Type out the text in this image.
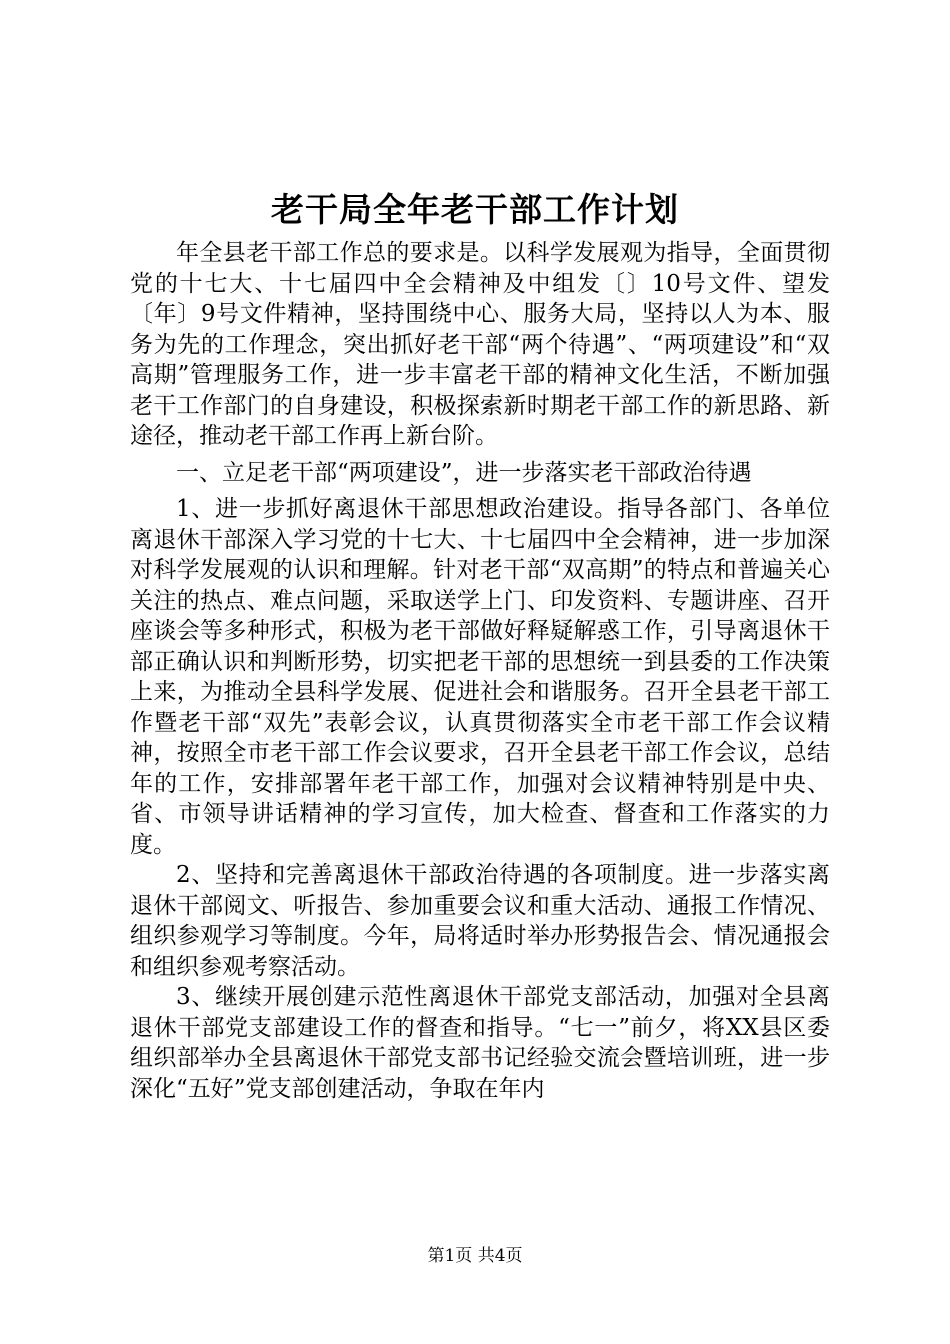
老干局全年老干部工作计划

年全县老干部工作总的要求是。以科学发展观为指导，全面贯彻党的十七大、十七届四中全会精神及中组发〔〕10号文件、望发〔年〕9号文件精神，坚持围绕中心、服务大局，坚持以人为本、服务为先的工作理念，突出抓好老干部“两个待遇”、“两项建设”和“双高期”管理服务工作，进一步丰富老干部的精神文化生活，不断加强老干工作部门的自身建设，积极探索新时期老干部工作的新思路、新途径，推动老干部工作再上新台阶。

一、立足老干部“两项建设”，进一步落实老干部政治待遇

1、进一步抓好离退休干部思想政治建设。指导各部门、各单位离退休干部深入学习党的十七大、十七届四中全会精神，进一步加深对科学发展观的认识和理解。针对老干部“双高期”的特点和普遍关心关注的热点、难点问题，采取送学上门、印发资料、专题讲座、召开座谈会等多种形式，积极为老干部做好释疑解惑工作，引导离退休干部正确认识和判断形势，切实把老干部的思想统一到县委的工作决策上来，为推动全县科学发展、促进社会和谐服务。召开全县老干部工作暨老干部“双先”表彰会议，认真贯彻落实全市老干部工作会议精神，按照全市老干部工作会议要求，召开全县老干部工作会议，总结年的工作，安排部署年老干部工作，加强对会议精神特别是中央、省、市领导讲话精神的学习宣传，加大检查、督查和工作落实的力度。

2、坚持和完善离退休干部政治待遇的各项制度。进一步落实离退休干部阅文、听报告、参加重要会议和重大活动、通报工作情况、组织参观学习等制度。今年，局将适时举办形势报告会、情况通报会和组织参观考察活动。

3、继续开展创建示范性离退休干部党支部活动，加强对全县离退休干部党支部建设工作的督查和指导。“七一”前夕，将XX县区委组织部举办全县离退休干部党支部书记经验交流会暨培训班，进一步深化“五好”党支部创建活动，争取在年内

第1页 共4页
